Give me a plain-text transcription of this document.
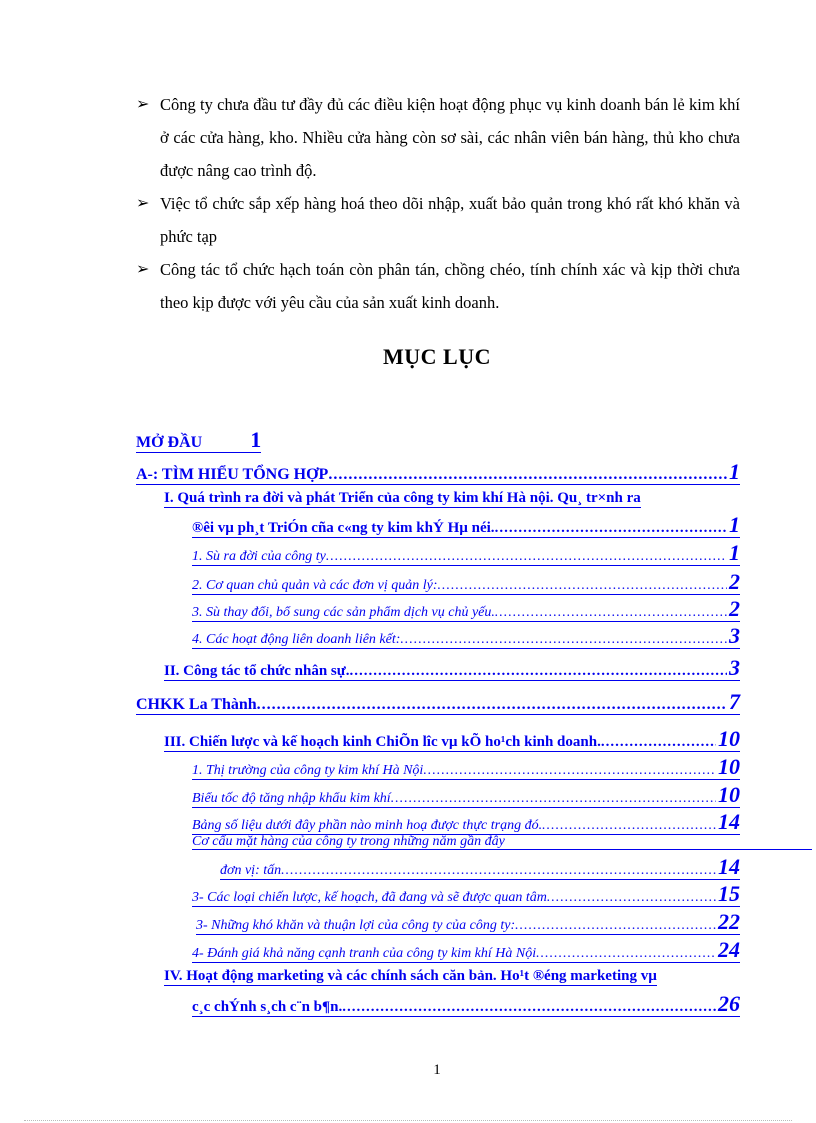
➢ Công ty chưa đầu tư đầy đủ các điều kiện hoạt động phục vụ kinh doanh bán lẻ kim khí ở các cửa hàng, kho. Nhiều cửa hàng còn sơ sài, các nhân viên bán hàng, thủ kho chưa được nâng cao trình độ.

➢ Việc tổ chức sắp xếp hàng hoá theo dõi nhập, xuất bảo quản trong khó rất khó khăn và phức tạp

➢ Công tác tổ chức hạch toán còn phân tán, chồng chéo, tính chính xác và kịp thời chưa theo kịp được với yêu cầu của sản xuất kinh doanh.

MỤC LỤC
MỞ ĐẦU 1
A-: TÌM HIỂU TỔNG HỢP .....	1
I. Quá trình ra đời và phát Triển của công ty kim khí Hà nội. Qu¸ tr×nh ra
®êi vµ ph¸t TriÓn cña c«ng ty kim khÝ Hµ néi. .....	1
1. Sù ra đời của công ty .....	1
2. Cơ quan chủ quản và các đơn vị quản lý: .....	2
3. Sù thay đổi, bổ sung các sản phẩm dịch vụ chủ yếu. .....	2
4. Các hoạt động liên doanh liên kết: .....	3
II. Công tác tổ chức nhân sự. .....	3
CHKK La Thành .....	7
III. Chiến lược và kế hoạch kinh ChiÕn lîc vµ kÕ ho¹ch kinh doanh. .....	10
1. Thị trường của công ty kim khí Hà Nội .....	10
Biểu tốc độ tăng nhập khẩu kim khí .....	10
Bảng số liệu dưới đây phần nào minh hoạ được thực trạng đó. .....	14
Cơ cấu mặt hàng của công ty trong những năm gần đây
đơn vị: tấn .....	14
3- Các loại chiến lược, kế hoạch, đã đang và sẽ được quan tâm .....	15
3- Những khó khăn và thuận lợi của công ty của công ty: .....	22
4- Đánh giá khả năng cạnh tranh của công ty kim khí Hà Nội .....	24
IV. Hoạt động marketing và các chính sách căn bản. Ho¹t ®éng marketing vµ
c¸c chÝnh s¸ch c¨n b¶n. .....	26
1
